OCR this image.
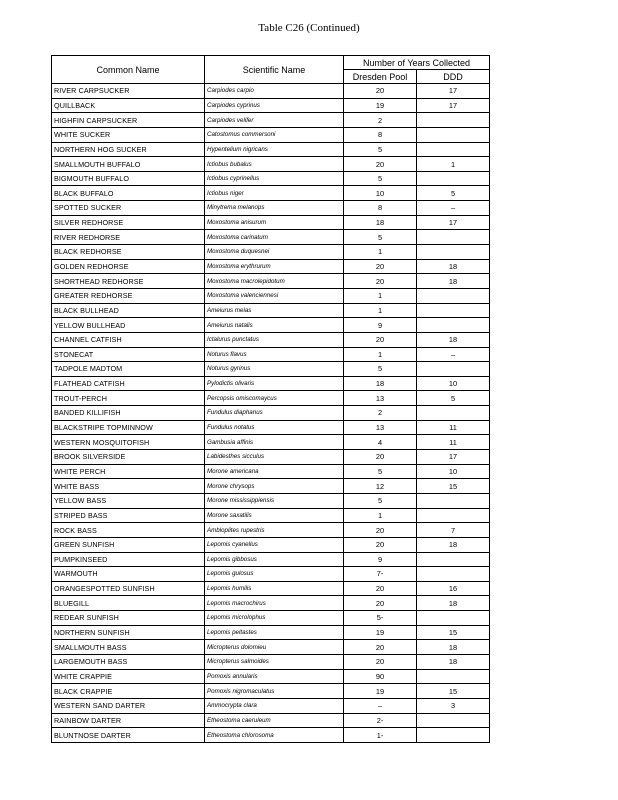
Table C26 (Continued)
Common Name	Scientific Name	Number of Years Collected	
		Dresden Pool	DDD
RIVER CARPSUCKER	Carpiodes carpio	20	17
QUILLBACK	Carpiodes cyprinus	19	17
HIGHFIN CARPSUCKER	Carpiodes velifer	2	
WHITE SUCKER	Catostomus commersoni	8	
NORTHERN HOG SUCKER	Hypentelium nigricans	5	
SMALLMOUTH BUFFALO	Ictiobus bubalus	20	1
BIGMOUTH BUFFALO	Ictiobus cyprinellus	5	
BLACK BUFFALO	Ictiobus niger	10	5
SPOTTED SUCKER	Minytrema melanops	8	–
SILVER REDHORSE	Moxostoma anisurum	18	17
RIVER REDHORSE	Moxostoma carinatum	5	
BLACK REDHORSE	Moxostoma duquesnei	1	
GOLDEN REDHORSE	Moxostoma erythrurum	20	18
SHORTHEAD REDHORSE	Moxostoma macrolepidotum	20	18
GREATER REDHORSE	Moxostoma valenciennesi	1	
BLACK BULLHEAD	Ameiurus melas	1	
YELLOW BULLHEAD	Ameiurus natalis	9	
CHANNEL CATFISH	Ictalurus punctatus	20	18
STONECAT	Noturus flavus	1	–
TADPOLE MADTOM	Noturus gyrinus	5	
FLATHEAD CATFISH	Pylodictis olivaris	18	10
TROUT-PERCH	Percopsis omiscomaycus	13	5
BANDED KILLIFISH	Fundulus diaphanus	2	
BLACKSTRIPE TOPMINNOW	Fundulus notatus	13	11
WESTERN MOSQUITOFISH	Gambusia affinis	4	11
BROOK SILVERSIDE	Labidesthes sicculus	20	17
WHITE PERCH	Morone americana	5	10
WHITE BASS	Morone chrysops	12	15
YELLOW BASS	Morone mississippiensis	5	
STRIPED BASS	Morone saxatilis	1	
ROCK BASS	Ambloplites rupestris	20	7
GREEN SUNFISH	Lepomis cyanellus	20	18
PUMPKINSEED	Lepomis gibbosus	9	
WARMOUTH	Lepomis gulosus	7-	
ORANGESPOTTED SUNFISH	Lepomis humilis	20	16
BLUEGILL	Lepomis macrochirus	20	18
REDEAR SUNFISH	Lepomis microlophus	5-	
NORTHERN SUNFISH	Lepomis peltastes	19	15
SMALLMOUTH BASS	Micropterus dolomieu	20	18
LARGEMOUTH BASS	Micropterus salmoides	20	18
WHITE CRAPPIE	Pomoxis annularis	90	
BLACK CRAPPIE	Pomoxis nigromaculatus	19	15
WESTERN SAND DARTER	Ammocrypta clara	–	3
RAINBOW DARTER	Etheostoma caeruleum	2-	
BLUNTNOSE DARTER	Etheostoma chlorosoma	1-	
